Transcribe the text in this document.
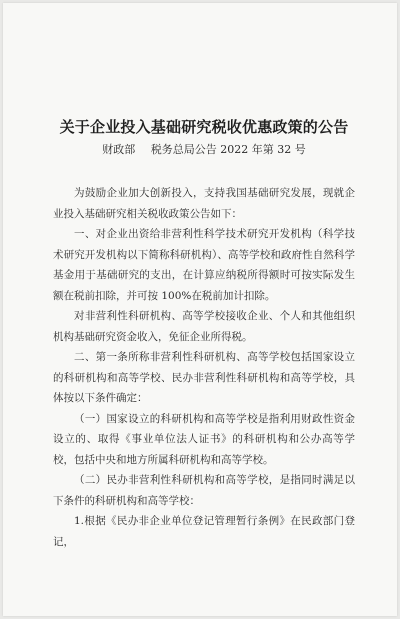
关于企业投入基础研究税收优惠政策的公告
财政部 税务总局公告 2022 年第 32 号

为鼓励企业加大创新投入，支持我国基础研究发展，现就企业投入基础研究相关税收政策公告如下：

一、对企业出资给非营利性科学技术研究开发机构（科学技术研究开发机构以下简称科研机构）、高等学校和政府性自然科学基金用于基础研究的支出，在计算应纳税所得额时可按实际发生额在税前扣除，并可按 100%在税前加计扣除。

对非营利性科研机构、高等学校接收企业、个人和其他组织机构基础研究资金收入，免征企业所得税。

二、第一条所称非营利性科研机构、高等学校包括国家设立的科研机构和高等学校、民办非营利性科研机构和高等学校，具体按以下条件确定：

（一）国家设立的科研机构和高等学校是指利用财政性资金设立的、取得《事业单位法人证书》的科研机构和公办高等学校，包括中央和地方所属科研机构和高等学校。

（二）民办非营利性科研机构和高等学校，是指同时满足以下条件的科研机构和高等学校：

1.根据《民办非企业单位登记管理暂行条例》在民政部门登记，
